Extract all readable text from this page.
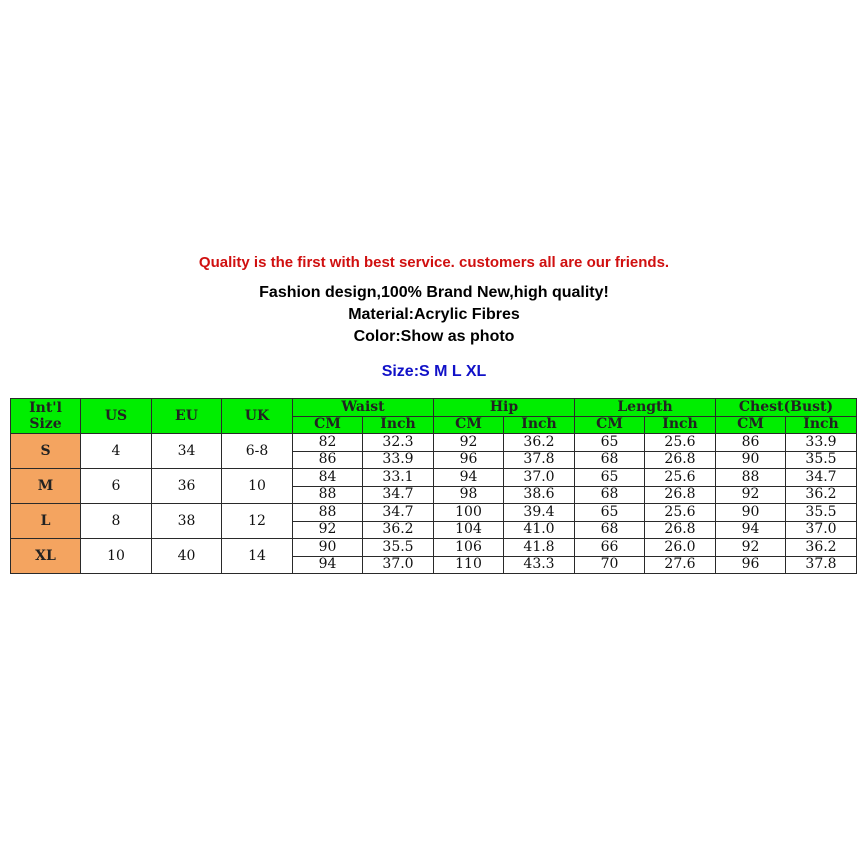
Quality is the first with best service. customers all are our friends.
Fashion design,100% Brand New,high quality!
Material:Acrylic Fibres
Color:Show as photo
Size:S M L XL
Int'l Size	US	EU	UK	Waist		Hip		Length		Chest(Bust)	
				CM	Inch	CM	Inch	CM	Inch	CM	Inch
S	4	34	6-8	82	32.3	92	36.2	65	25.6	86	33.9
				86	33.9	96	37.8	68	26.8	90	35.5
M	6	36	10	84	33.1	94	37.0	65	25.6	88	34.7
				88	34.7	98	38.6	68	26.8	92	36.2
L	8	38	12	88	34.7	100	39.4	65	25.6	90	35.5
				92	36.2	104	41.0	68	26.8	94	37.0
XL	10	40	14	90	35.5	106	41.8	66	26.0	92	36.2
				94	37.0	110	43.3	70	27.6	96	37.8
